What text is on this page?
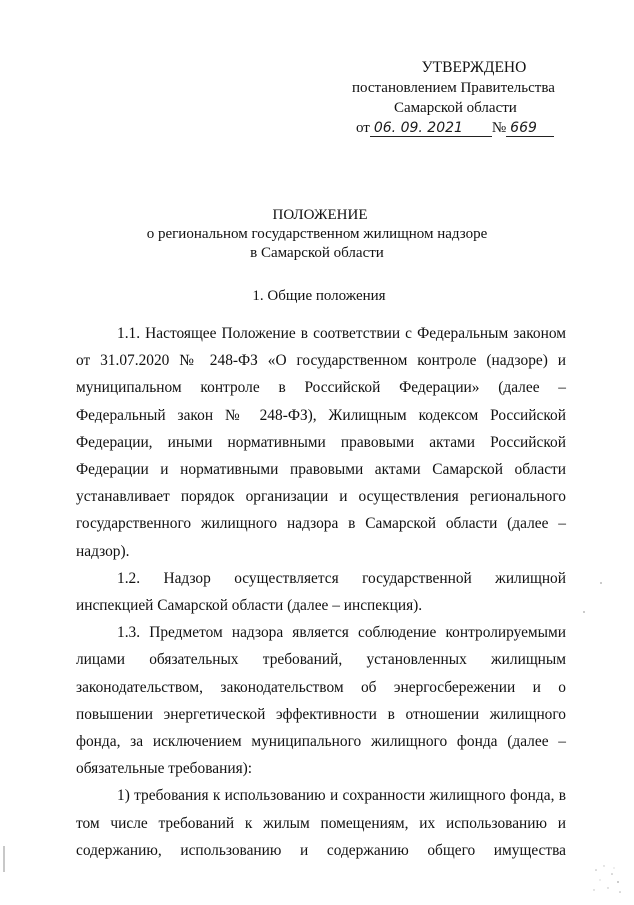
УТВЕРЖДЕНО
постановлением Правительства
Самарской области
от 06. 09. 2021 № 669
ПОЛОЖЕНИЕ
о региональном государственном жилищном надзоре
в Самарской области
1. Общие положения

1.1. Настоящее Положение в соответствии с Федеральным законом от 31.07.2020 № 248-ФЗ «О государственном контроле (надзоре) и муниципальном контроле в Российской Федерации» (далее – Федеральный закон № 248-ФЗ), Жилищным кодексом Российской Федерации, иными нормативными правовыми актами Российской Федерации и нормативными правовыми актами Самарской области устанавливает порядок организации и осуществления регионального государственного жилищного надзора в Самарской области (далее – надзор).

1.2. Надзор осуществляется государственной жилищной инспекцией Самарской области (далее – инспекция).

1.3. Предметом надзора является соблюдение контролируемыми лицами обязательных требований, установленных жилищным законодательством, законодательством об энергосбережении и о повышении энергетической эффективности в отношении жилищного фонда, за исключением муниципального жилищного фонда (далее – обязательные требования):

1) требования к использованию и сохранности жилищного фонда, в том числе требований к жилым помещениям, их использованию и содержанию, использованию и содержанию общего имущества
